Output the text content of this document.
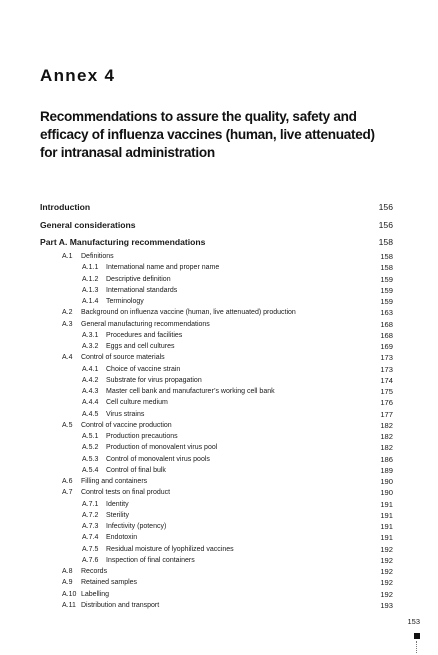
Annex 4
Recommendations to assure the quality, safety and
efficacy of influenza vaccines (human, live attenuated)
for intranasal administration
Introduction	156
General considerations	156
Part A. Manufacturing recommendations	158
A.1 Definitions	158
A.1.1 International name and proper name	158
A.1.2 Descriptive definition	159
A.1.3 International standards	159
A.1.4 Terminology	159
A.2 Background on influenza vaccine (human, live attenuated) production	163
A.3 General manufacturing recommendations	168
A.3.1 Procedures and facilities	168
A.3.2 Eggs and cell cultures	169
A.4 Control of source materials	173
A.4.1 Choice of vaccine strain	173
A.4.2 Substrate for virus propagation	174
A.4.3 Master cell bank and manufacturer’s working cell bank	175
A.4.4 Cell culture medium	176
A.4.5 Virus strains	177
A.5 Control of vaccine production	182
A.5.1 Production precautions	182
A.5.2 Production of monovalent virus pool	182
A.5.3 Control of monovalent virus pools	186
A.5.4 Control of final bulk	189
A.6 Filling and containers	190
A.7 Control tests on final product	190
A.7.1 Identity	191
A.7.2 Sterility	191
A.7.3 Infectivity (potency)	191
A.7.4 Endotoxin	191
A.7.5 Residual moisture of lyophilized vaccines	192
A.7.6 Inspection of final containers	192
A.8 Records	192
A.9 Retained samples	192
A.10 Labelling	192
A.11 Distribution and transport	193
153
